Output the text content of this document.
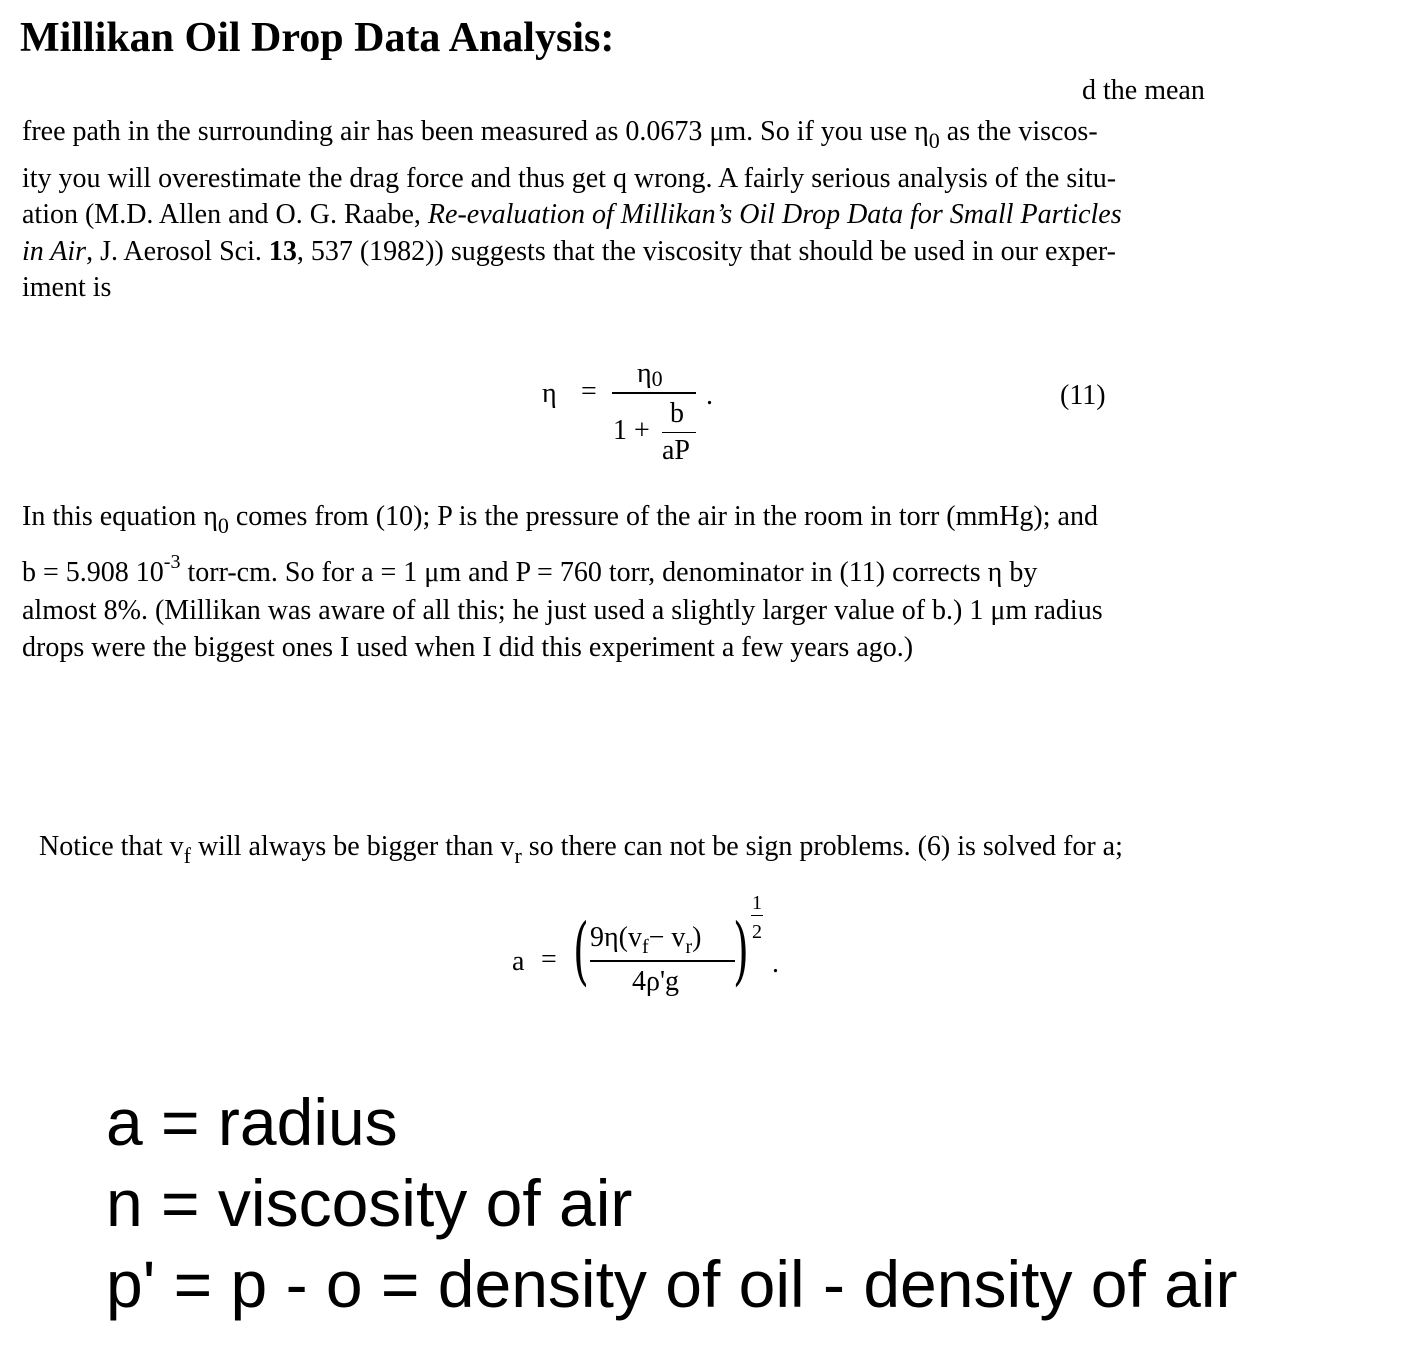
Millikan Oil Drop Data Analysis:
d the mean
free path in the surrounding air has been measured as 0.0673 μm. So if you use $\eta_0$ as the viscos-
ity you will overestimate the drag force and thus get q wrong. A fairly serious analysis of the situ-
ation (M.D. Allen and O. G. Raabe, Re-evaluation of Millikan’s Oil Drop Data for Small Particles
in Air, J. Aerosol Sci. 13, 537 (1982)) suggests that the viscosity that should be used in our exper-
iment is
η =
η0
1 +
b
aP
.	(11)
In this equation $\eta_0$ comes from (10); P is the pressure of the air in the room in torr (mmHg); and
b = 5.908 $10^{-3}$ torr-cm. So for a = 1 μm and P = 760 torr, denominator in (11) corrects η by
almost 8%. (Millikan was aware of all this; he just used a slightly larger value of b.) 1 μm radius
drops were the biggest ones I used when I did this experiment a few years ago.)
Notice that $v_f$ will always be bigger than $v_r$ so there can not be sign problems. (6) is solved for a;
a = ( $9\eta(v_f- v_r)$
4ρ'g )
1
2
.
a = radius
n = viscosity of air
p' = p - o = density of oil - density of air
